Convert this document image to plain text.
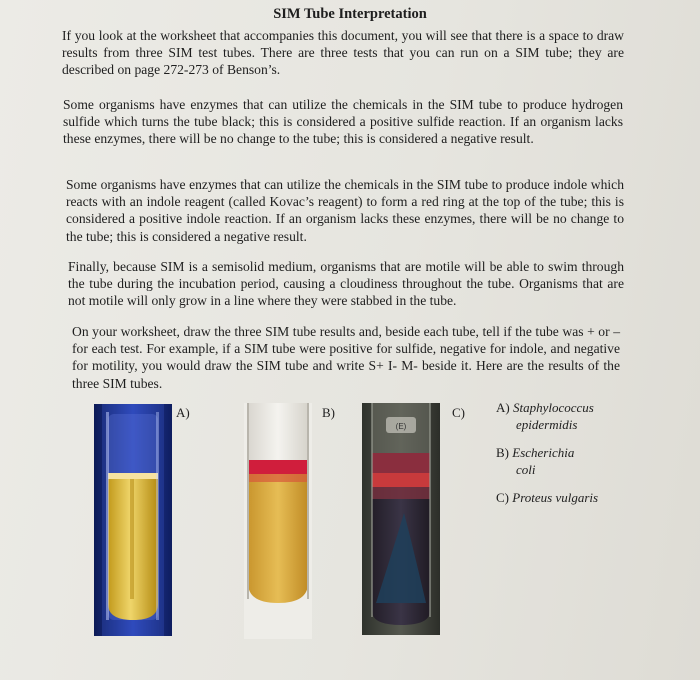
SIM Tube Interpretation

If you look at the worksheet that accompanies this document, you will see that there is a space to draw results from three SIM test tubes. There are three tests that you can run on a SIM tube; they are described on page 272-273 of Benson’s.

Some organisms have enzymes that can utilize the chemicals in the SIM tube to produce hydrogen sulfide which turns the tube black; this is considered a positive sulfide reaction. If an organism lacks these enzymes, there will be no change to the tube; this is considered a negative result.

Some organisms have enzymes that can utilize the chemicals in the SIM tube to produce indole which reacts with an indole reagent (called Kovac’s reagent) to form a red ring at the top of the tube; this is considered a positive indole reaction. If an organism lacks these enzymes, there will be no change to the tube; this is considered a negative result.

Finally, because SIM is a semisolid medium, organisms that are motile will be able to swim through the tube during the incubation period, causing a cloudiness throughout the tube. Organisms that are not motile will only grow in a line where they were stabbed in the tube.

On your worksheet, draw the three SIM tube results and, beside each tube, tell if the tube was + or – for each test. For example, if a SIM tube were positive for sulfide, negative for indole, and negative for motility, you would draw the SIM tube and write S+ I- M- beside it. Here are the results of the three SIM tubes.

A)	B)
(E)
C) A) Staphylococcus
epidermidis
B) Escherichia
coli
C) Proteus vulgaris
